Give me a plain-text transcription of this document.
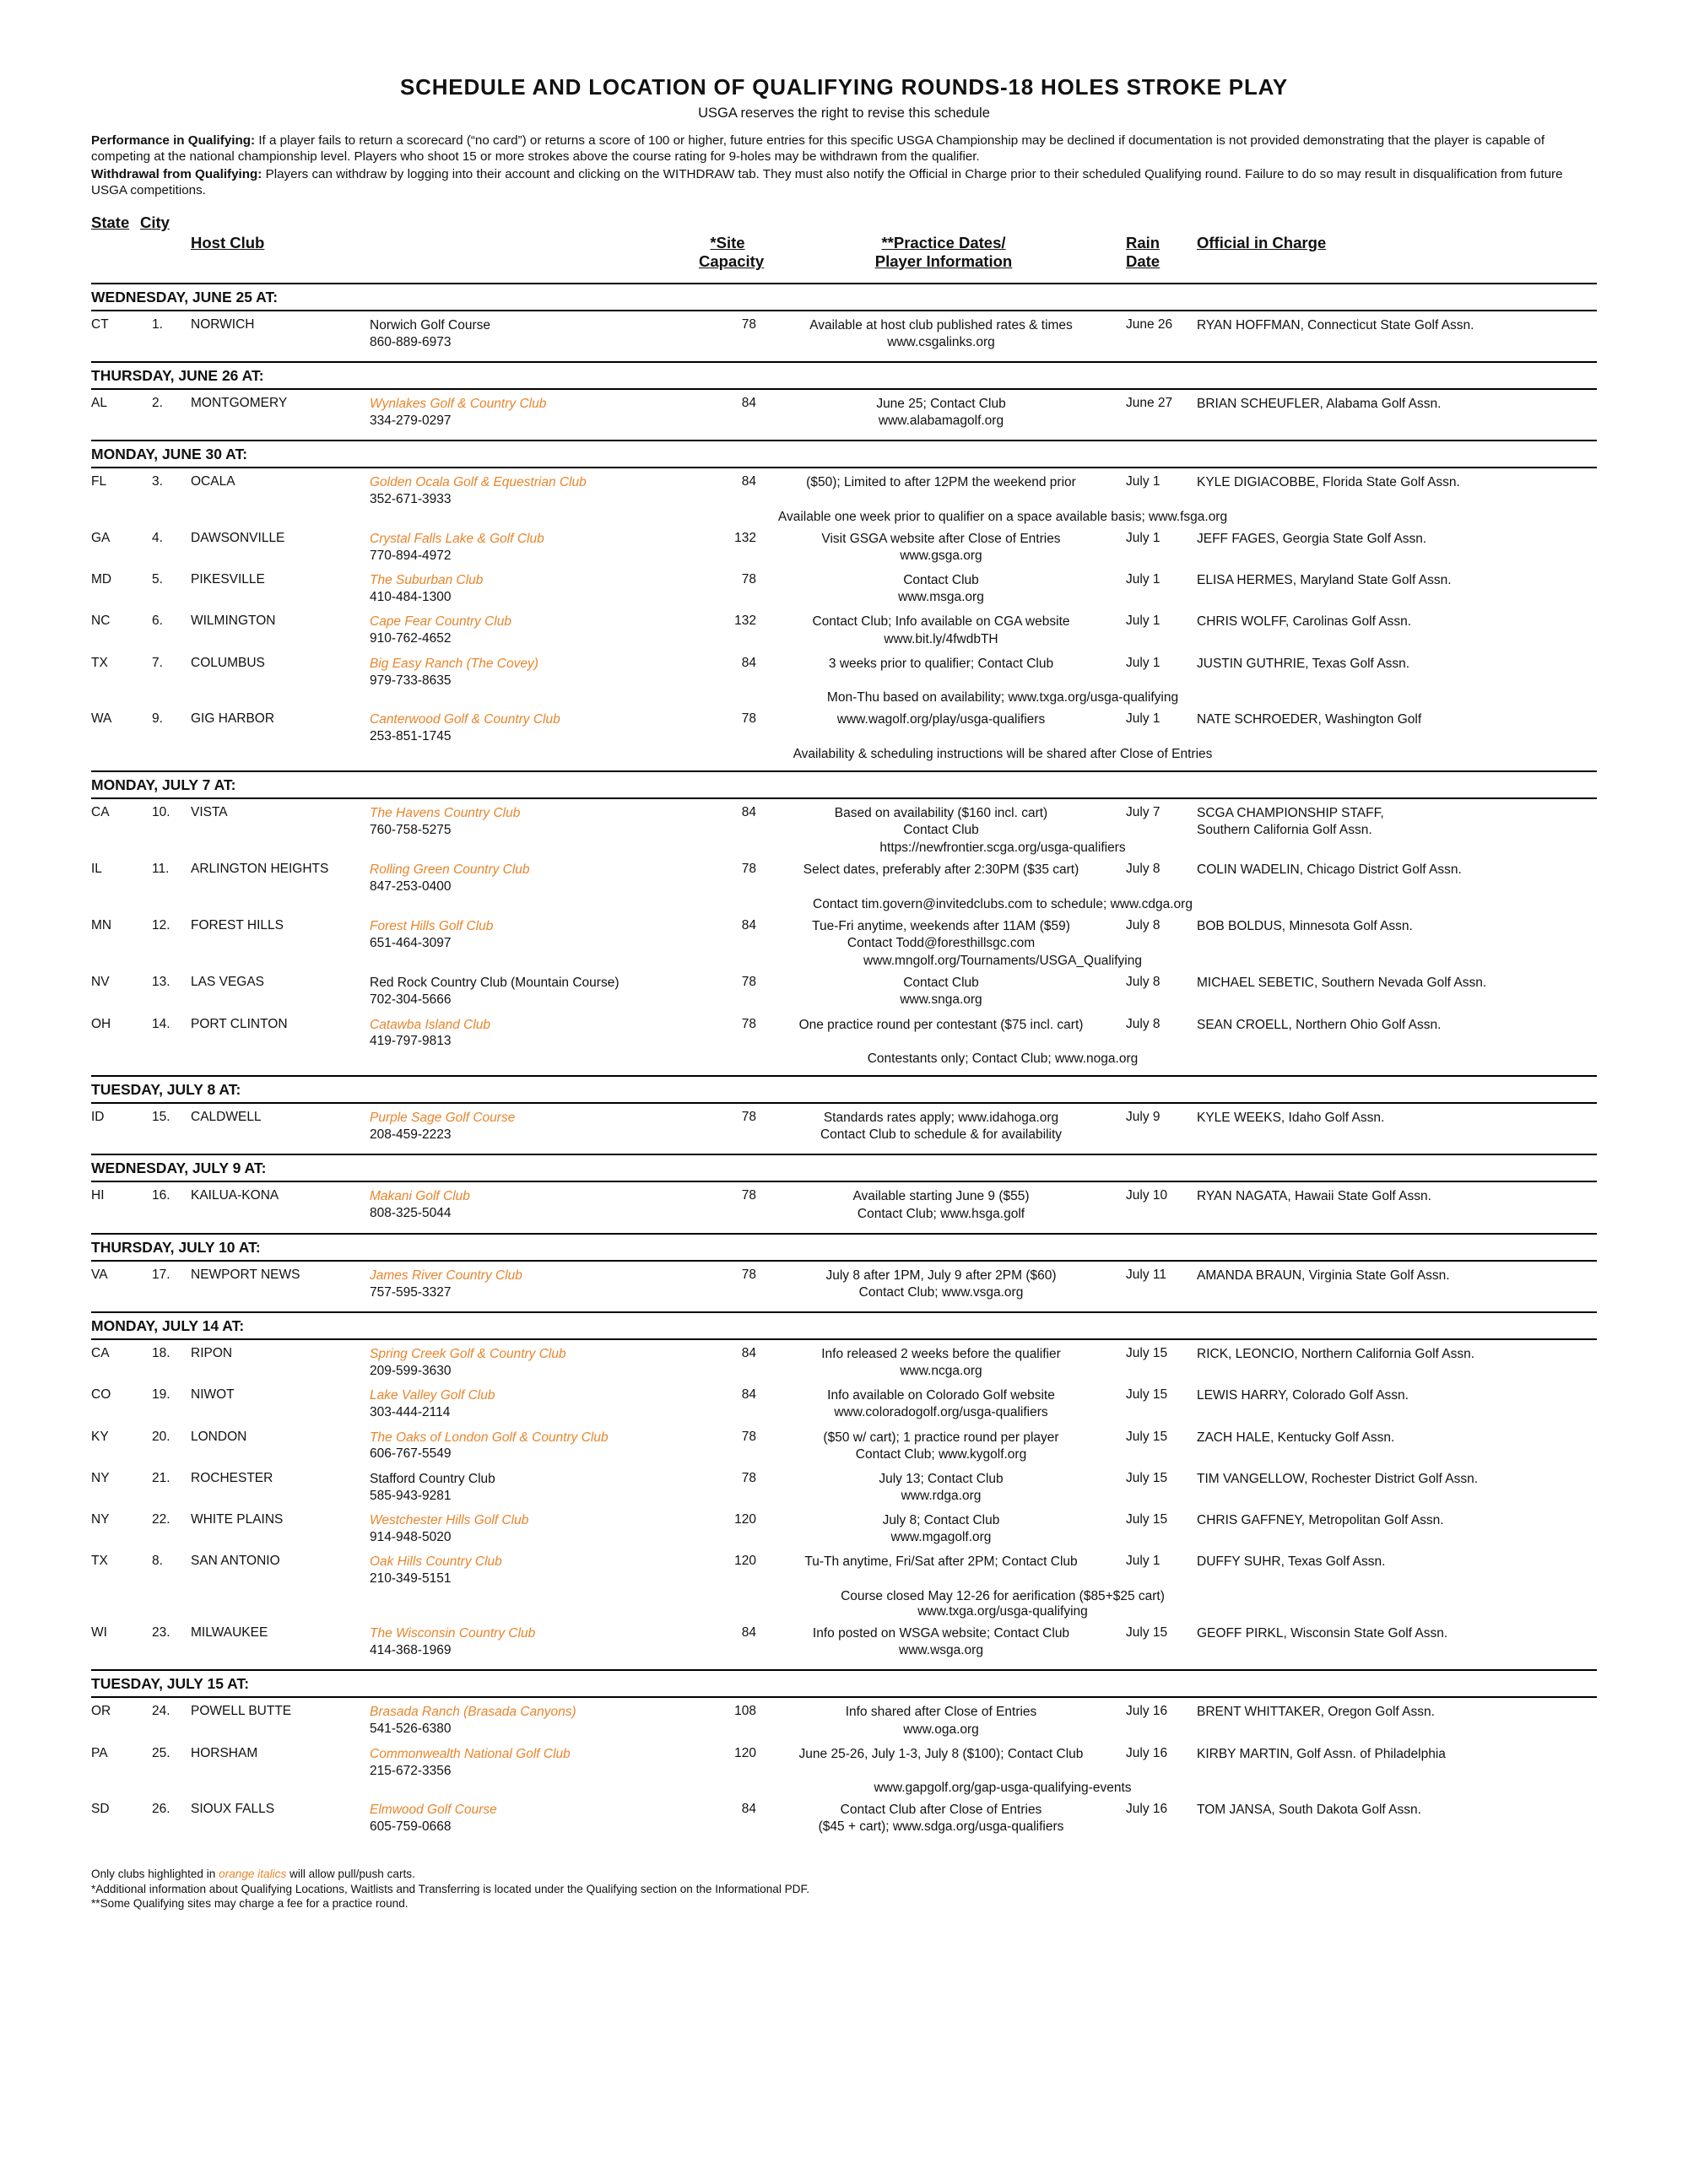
SCHEDULE AND LOCATION OF QUALIFYING ROUNDS-18 HOLES STROKE PLAY
USGA reserves the right to revise this schedule
Performance in Qualifying: If a player fails to return a scorecard (“no card”) or returns a score of 100 or higher, future entries for this specific USGA Championship may be declined if documentation is not provided demonstrating that the player is capable of competing at the national championship level. Players who shoot 15 or more strokes above the course rating for 9-holes may be withdrawn from the qualifier.
Withdrawal from Qualifying: Players can withdraw by logging into their account and clicking on the WITHDRAW tab. They must also notify the Official in Charge prior to their scheduled Qualifying round. Failure to do so may result in disqualification from future USGA competitions.
State City
Host Club	*Site
Capacity
**Practice Dates/
Player Information
Rain
Date
Official in Charge
WEDNESDAY, JUNE 25 AT:
CT	1.	NORWICH	Norwich Golf Course
860-889-6973
78	Available at host club published rates & times
www.csgalinks.org
June 26	RYAN HOFFMAN, Connecticut State Golf Assn.
THURSDAY, JUNE 26 AT:
AL	2.	MONTGOMERY	Wynlakes Golf & Country Club
334-279-0297
84	June 25; Contact Club
www.alabamagolf.org
June 27	BRIAN SCHEUFLER, Alabama Golf Assn.
MONDAY, JUNE 30 AT:
FL	3.	OCALA	Golden Ocala Golf & Equestrian Club
352-671-3933
84	($50); Limited to after 12PM the weekend prior	July 1	KYLE DIGIACOBBE, Florida State Golf Assn.
Available one week prior to qualifier on a space available basis; www.fsga.org
GA	4.	DAWSONVILLE	Crystal Falls Lake & Golf Club
770-894-4972
132	Visit GSGA website after Close of Entries
www.gsga.org
July 1	JEFF FAGES, Georgia State Golf Assn.
MD	5.	PIKESVILLE	The Suburban Club
410-484-1300
78	Contact Club
www.msga.org
July 1	ELISA HERMES, Maryland State Golf Assn.
NC	6.	WILMINGTON	Cape Fear Country Club
910-762-4652
132	Contact Club; Info available on CGA website
www.bit.ly/4fwdbTH
July 1	CHRIS WOLFF, Carolinas Golf Assn.
TX	7.	COLUMBUS	Big Easy Ranch (The Covey)
979-733-8635
84	3 weeks prior to qualifier; Contact Club	July 1	JUSTIN GUTHRIE, Texas Golf Assn.
Mon-Thu based on availability; www.txga.org/usga-qualifying
WA	9.	GIG HARBOR	Canterwood Golf & Country Club
253-851-1745
78	www.wagolf.org/play/usga-qualifiers	July 1	NATE SCHROEDER, Washington Golf
Availability & scheduling instructions will be shared after Close of Entries
MONDAY, JULY 7 AT:
CA	10.	VISTA	The Havens Country Club
760-758-5275
84	Based on availability ($160 incl. cart)
Contact Club
July 7	SCGA CHAMPIONSHIP STAFF,
Southern California Golf Assn.
https://newfrontier.scga.org/usga-qualifiers
IL	11.	ARLINGTON HEIGHTS	Rolling Green Country Club
847-253-0400
78	Select dates, preferably after 2:30PM ($35 cart)	July 8	COLIN WADELIN, Chicago District Golf Assn.
Contact tim.govern@invitedclubs.com to schedule; www.cdga.org
MN	12.	FOREST HILLS	Forest Hills Golf Club
651-464-3097
84	Tue-Fri anytime, weekends after 11AM ($59)
Contact Todd@foresthillsgc.com
July 8	BOB BOLDUS, Minnesota Golf Assn.
www.mngolf.org/Tournaments/USGA_Qualifying
NV	13.	LAS VEGAS	Red Rock Country Club (Mountain Course)
702-304-5666
78	Contact Club
www.snga.org
July 8	MICHAEL SEBETIC, Southern Nevada Golf Assn.
OH	14.	PORT CLINTON	Catawba Island Club
419-797-9813
78	One practice round per contestant ($75 incl. cart)	July 8	SEAN CROELL, Northern Ohio Golf Assn.
Contestants only; Contact Club; www.noga.org
TUESDAY, JULY 8 AT:
ID	15.	CALDWELL	Purple Sage Golf Course
208-459-2223
78	Standards rates apply; www.idahoga.org
Contact Club to schedule & for availability
July 9	KYLE WEEKS, Idaho Golf Assn.
WEDNESDAY, JULY 9 AT:
HI	16.	KAILUA-KONA	Makani Golf Club
808-325-5044
78	Available starting June 9 ($55)
Contact Club; www.hsga.golf
July 10	RYAN NAGATA, Hawaii State Golf Assn.
THURSDAY, JULY 10 AT:
VA	17.	NEWPORT NEWS	James River Country Club
757-595-3327
78	July 8 after 1PM, July 9 after 2PM ($60)
Contact Club; www.vsga.org
July 11	AMANDA BRAUN, Virginia State Golf Assn.
MONDAY, JULY 14 AT:
CA	18.	RIPON	Spring Creek Golf & Country Club
209-599-3630
84	Info released 2 weeks before the qualifier
www.ncga.org
July 15	RICK, LEONCIO, Northern California Golf Assn.
CO	19.	NIWOT	Lake Valley Golf Club
303-444-2114
84	Info available on Colorado Golf website
www.coloradogolf.org/usga-qualifiers
July 15	LEWIS HARRY, Colorado Golf Assn.
KY	20.	LONDON	The Oaks of London Golf & Country Club
606-767-5549
78	($50 w/ cart); 1 practice round per player
Contact Club; www.kygolf.org
July 15	ZACH HALE, Kentucky Golf Assn.
NY	21.	ROCHESTER	Stafford Country Club
585-943-9281
78	July 13; Contact Club
www.rdga.org
July 15	TIM VANGELLOW, Rochester District Golf Assn.
NY	22.	WHITE PLAINS	Westchester Hills Golf Club
914-948-5020
120	July 8; Contact Club
www.mgagolf.org
July 15	CHRIS GAFFNEY, Metropolitan Golf Assn.
TX	8.	SAN ANTONIO	Oak Hills Country Club
210-349-5151
120	Tu-Th anytime, Fri/Sat after 2PM; Contact Club	July 1	DUFFY SUHR, Texas Golf Assn.
Course closed May 12-26 for aerification ($85+$25 cart)
www.txga.org/usga-qualifying
WI	23.	MILWAUKEE	The Wisconsin Country Club
414-368-1969
84	Info posted on WSGA website; Contact Club
www.wsga.org
July 15	GEOFF PIRKL, Wisconsin State Golf Assn.
TUESDAY, JULY 15 AT:
OR	24.	POWELL BUTTE	Brasada Ranch (Brasada Canyons)
541-526-6380
108	Info shared after Close of Entries
www.oga.org
July 16	BRENT WHITTAKER, Oregon Golf Assn.
PA	25.	HORSHAM	Commonwealth National Golf Club
215-672-3356
120	June 25-26, July 1-3, July 8 ($100); Contact Club	July 16	KIRBY MARTIN, Golf Assn. of Philadelphia
www.gapgolf.org/gap-usga-qualifying-events
SD	26.	SIOUX FALLS	Elmwood Golf Course
605-759-0668
84	Contact Club after Close of Entries
($45 + cart); www.sdga.org/usga-qualifiers
July 16	TOM JANSA, South Dakota Golf Assn.
Only clubs highlighted in orange italics will allow pull/push carts.
*Additional information about Qualifying Locations, Waitlists and Transferring is located under the Qualifying section on the Informational PDF.
**Some Qualifying sites may charge a fee for a practice round.
